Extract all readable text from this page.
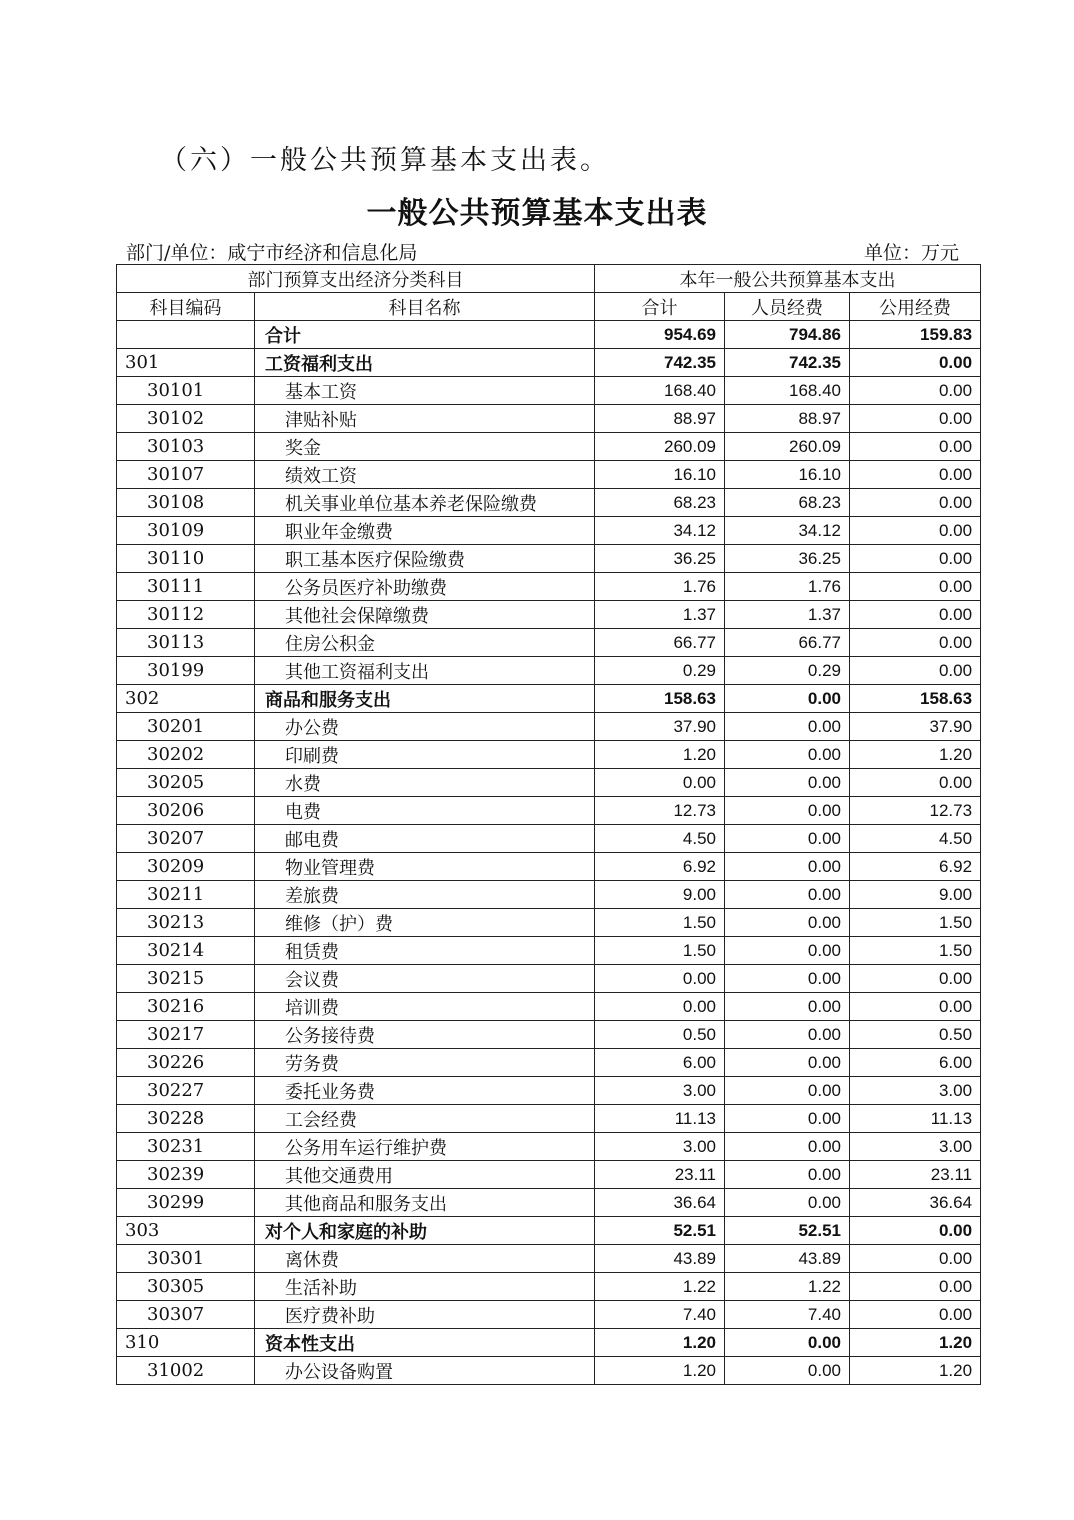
（六）一般公共预算基本支出表。
一般公共预算基本支出表
部门/单位：咸宁市经济和信息化局	单位：万元
部门预算支出经济分类科目		本年一般公共预算基本支出		
科目编码	科目名称	合计	人员经费	公用经费
	合计	954.69	794.86	159.83
301	工资福利支出	742.35	742.35	0.00
30101	基本工资	168.40	168.40	0.00
30102	津贴补贴	88.97	88.97	0.00
30103	奖金	260.09	260.09	0.00
30107	绩效工资	16.10	16.10	0.00
30108	机关事业单位基本养老保险缴费	68.23	68.23	0.00
30109	职业年金缴费	34.12	34.12	0.00
30110	职工基本医疗保险缴费	36.25	36.25	0.00
30111	公务员医疗补助缴费	1.76	1.76	0.00
30112	其他社会保障缴费	1.37	1.37	0.00
30113	住房公积金	66.77	66.77	0.00
30199	其他工资福利支出	0.29	0.29	0.00
302	商品和服务支出	158.63	0.00	158.63
30201	办公费	37.90	0.00	37.90
30202	印刷费	1.20	0.00	1.20
30205	水费	0.00	0.00	0.00
30206	电费	12.73	0.00	12.73
30207	邮电费	4.50	0.00	4.50
30209	物业管理费	6.92	0.00	6.92
30211	差旅费	9.00	0.00	9.00
30213	维修（护）费	1.50	0.00	1.50
30214	租赁费	1.50	0.00	1.50
30215	会议费	0.00	0.00	0.00
30216	培训费	0.00	0.00	0.00
30217	公务接待费	0.50	0.00	0.50
30226	劳务费	6.00	0.00	6.00
30227	委托业务费	3.00	0.00	3.00
30228	工会经费	11.13	0.00	11.13
30231	公务用车运行维护费	3.00	0.00	3.00
30239	其他交通费用	23.11	0.00	23.11
30299	其他商品和服务支出	36.64	0.00	36.64
303	对个人和家庭的补助	52.51	52.51	0.00
30301	离休费	43.89	43.89	0.00
30305	生活补助	1.22	1.22	0.00
30307	医疗费补助	7.40	7.40	0.00
310	资本性支出	1.20	0.00	1.20
31002	办公设备购置	1.20	0.00	1.20
